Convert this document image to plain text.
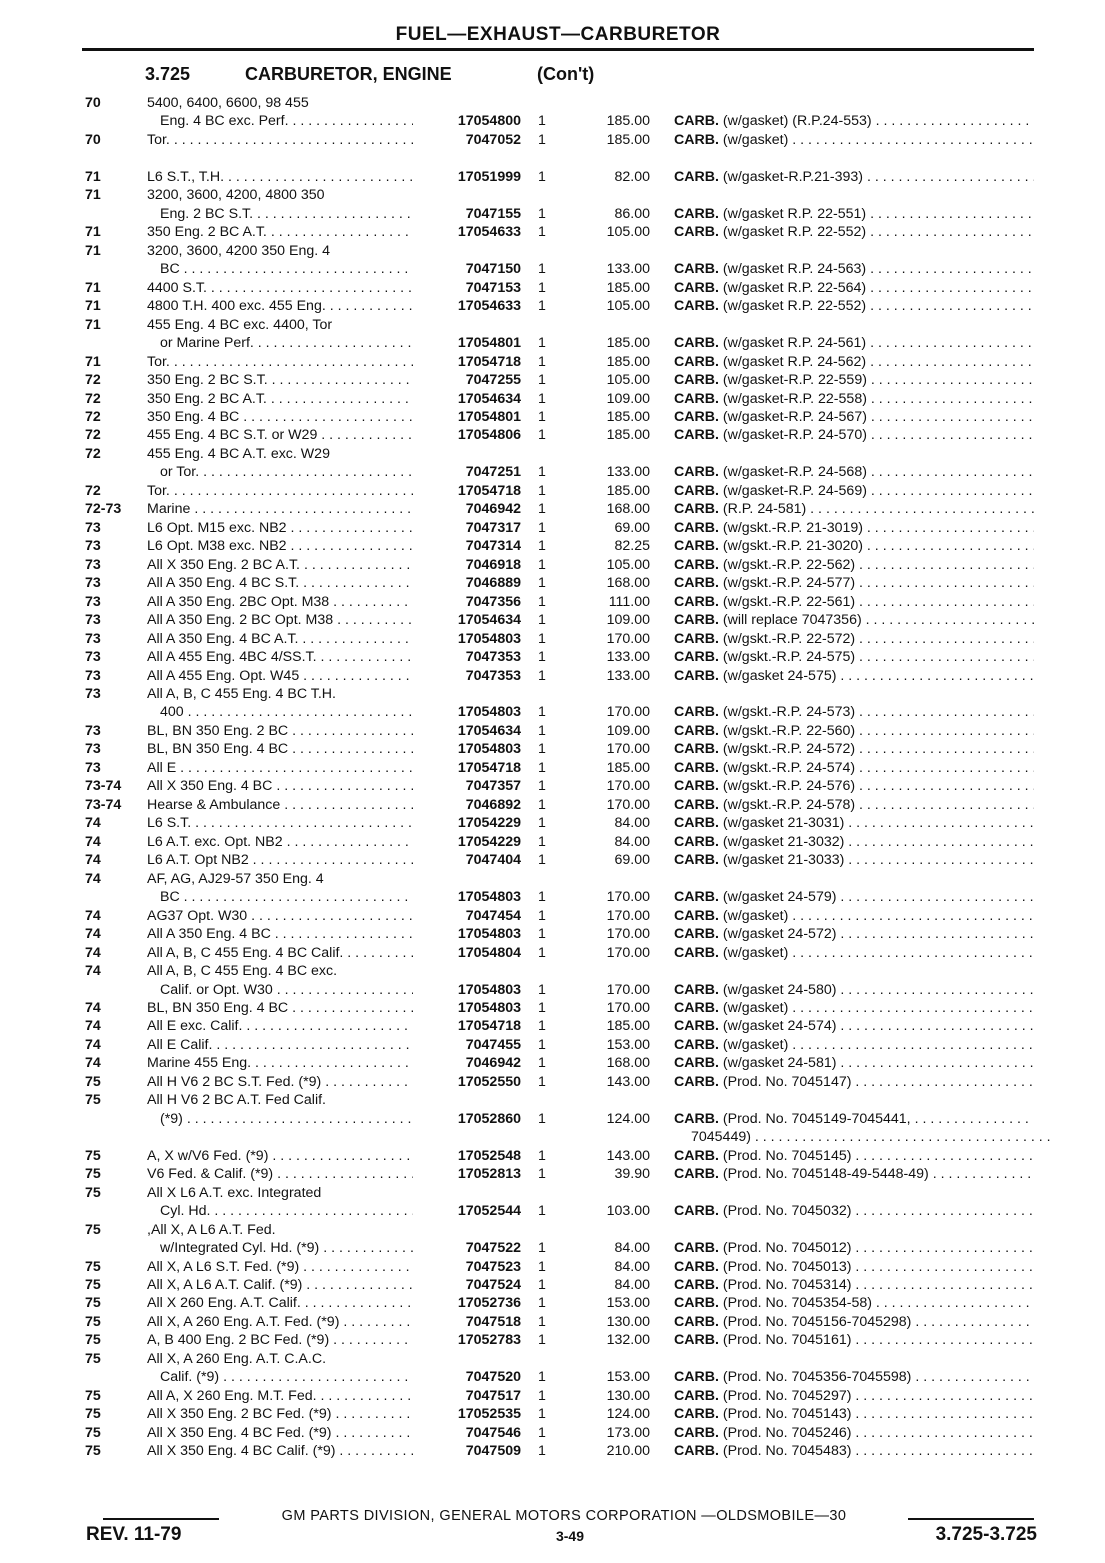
FUEL—EXHAUST—CARBURETOR
3.725	CARBURETOR, ENGINE	(Con't)
70	5400, 6400, 6600, 98 455
Eng. 4 BC exc. Perf. . . .	17054800 1	185.00 CARB. (w/gasket) (R.P.24-553) . . .
70	Tor. . . .	7047052 1	185.00 CARB. (w/gasket) . . .
71	L6 S.T., T.H. . . .	17051999 1	82.00 CARB. (w/gasket-R.P.21-393) . . .
71	3200, 3600, 4200, 4800 350
Eng. 2 BC S.T. . . .	7047155 1	86.00 CARB. (w/gasket R.P. 22-551) . . .
71	350 Eng. 2 BC A.T. . . .	17054633 1	105.00 CARB. (w/gasket R.P. 22-552) . . .
71	3200, 3600, 4200 350 Eng. 4
BC . . .	7047150 1	133.00 CARB. (w/gasket R.P. 24-563) . . .
71	4400 S.T. . . .	7047153 1	185.00 CARB. (w/gasket R.P. 22-564) . . .
71	4800 T.H. 400 exc. 455 Eng. . . .	17054633 1	105.00 CARB. (w/gasket R.P. 22-552) . . .
71	455 Eng. 4 BC exc. 4400, Tor
or Marine Perf. . . .	17054801 1	185.00 CARB. (w/gasket R.P. 24-561) . . .
71	Tor. . . .	17054718 1	185.00 CARB. (w/gasket R.P. 24-562) . . .
72	350 Eng. 2 BC S.T. . . .	7047255 1	105.00 CARB. (w/gasket-R.P. 22-559) . . .
72	350 Eng. 2 BC A.T. . . .	17054634 1	109.00 CARB. (w/gasket-R.P. 22-558) . . .
72	350 Eng. 4 BC . . .	17054801 1	185.00 CARB. (w/gasket-R.P. 24-567) . . .
72	455 Eng. 4 BC S.T. or W29 . . .	17054806 1	185.00 CARB. (w/gasket-R.P. 24-570) . . .
72	455 Eng. 4 BC A.T. exc. W29
or Tor. . . .	7047251 1	133.00 CARB. (w/gasket-R.P. 24-568) . . .
72	Tor. . . .	17054718 1	185.00 CARB. (w/gasket-R.P. 24-569) . . .
72-73	Marine . . .	7046942 1	168.00 CARB. (R.P. 24-581) . . .
73	L6 Opt. M15 exc. NB2 . . .	7047317 1	69.00 CARB. (w/gskt.-R.P. 21-3019) . . .
73	L6 Opt. M38 exc. NB2 . . .	7047314 1	82.25 CARB. (w/gskt.-R.P. 21-3020) . . .
73	All X 350 Eng. 2 BC A.T. . . .	7046918 1	105.00 CARB. (w/gskt.-R.P. 22-562) . . .
73	All A 350 Eng. 4 BC S.T. . . .	7046889 1	168.00 CARB. (w/gskt.-R.P. 24-577) . . .
73	All A 350 Eng. 2BC Opt. M38 . . .	7047356 1	111.00 CARB. (w/gskt.-R.P. 22-561) . . .
73	All A 350 Eng. 2 BC Opt. M38 . . .	17054634 1	109.00 CARB. (will replace 7047356) . . .
73	All A 350 Eng. 4 BC A.T. . . .	17054803 1	170.00 CARB. (w/gskt.-R.P. 22-572) . . .
73	All A 455 Eng. 4BC 4/SS.T. . . .	7047353 1	133.00 CARB. (w/gskt.-R.P. 24-575) . . .
73	All A 455 Eng. Opt. W45 . . .	7047353 1	133.00 CARB. (w/gasket 24-575) . . .
73	All A, B, C 455 Eng. 4 BC T.H.
400 . . .	17054803 1	170.00 CARB. (w/gskt.-R.P. 24-573) . . .
73	BL, BN 350 Eng. 2 BC . . .	17054634 1	109.00 CARB. (w/gskt.-R.P. 22-560) . . .
73	BL, BN 350 Eng. 4 BC . . .	17054803 1	170.00 CARB. (w/gskt.-R.P. 24-572) . . .
73	All E . . .	17054718 1	185.00 CARB. (w/gskt.-R.P. 24-574) . . .
73-74	All X 350 Eng. 4 BC . . .	7047357 1	170.00 CARB. (w/gskt.-R.P. 24-576) . . .
73-74	Hearse & Ambulance . . .	7046892 1	170.00 CARB. (w/gskt.-R.P. 24-578) . . .
74	L6 S.T. . . .	17054229 1	84.00 CARB. (w/gasket 21-3031) . . .
74	L6 A.T. exc. Opt. NB2 . . .	17054229 1	84.00 CARB. (w/gasket 21-3032) . . .
74	L6 A.T. Opt NB2 . . .	7047404 1	69.00 CARB. (w/gasket 21-3033) . . .
74	AF, AG, AJ29-57 350 Eng. 4
BC . . .	17054803 1	170.00 CARB. (w/gasket 24-579) . . .
74	AG37 Opt. W30 . . .	7047454 1	170.00 CARB. (w/gasket) . . .
74	All A 350 Eng. 4 BC . . .	17054803 1	170.00 CARB. (w/gasket 24-572) . . .
74	All A, B, C 455 Eng. 4 BC Calif. . . .	17054804 1	170.00 CARB. (w/gasket) . . .
74	All A, B, C 455 Eng. 4 BC exc.
Calif. or Opt. W30 . . .	17054803 1	170.00 CARB. (w/gasket 24-580) . . .
74	BL, BN 350 Eng. 4 BC . . .	17054803 1	170.00 CARB. (w/gasket) . . .
74	All E exc. Calif. . . .	17054718 1	185.00 CARB. (w/gasket 24-574) . . .
74	All E Calif. . . .	7047455 1	153.00 CARB. (w/gasket) . . .
74	Marine 455 Eng. . . .	7046942 1	168.00 CARB. (w/gasket 24-581) . . .
75	All H V6 2 BC S.T. Fed. (*9) . . .	17052550 1	143.00 CARB. (Prod. No. 7045147) . . .
75	All H V6 2 BC A.T. Fed Calif.
(*9) . . .	17052860 1	124.00 CARB. (Prod. No. 7045149-7045441, . . .
7045449) . . .
75	A, X w/V6 Fed. (*9) . . .	17052548 1	143.00 CARB. (Prod. No. 7045145) . . .
75	V6 Fed. & Calif. (*9) . . .	17052813 1	39.90 CARB. (Prod. No. 7045148-49-5448-49) . . .
75	All X L6 A.T. exc. Integrated
Cyl. Hd. . . .	17052544 1	103.00 CARB. (Prod. No. 7045032) . . .
75	,All X, A L6 A.T. Fed.
w/Integrated Cyl. Hd. (*9) . . .	7047522 1	84.00 CARB. (Prod. No. 7045012) . . .
75	All X, A L6 S.T. Fed. (*9) . . .	7047523 1	84.00 CARB. (Prod. No. 7045013) . . .
75	All X, A L6 A.T. Calif. (*9) . . .	7047524 1	84.00 CARB. (Prod. No. 7045314) . . .
75	All X 260 Eng. A.T. Calif. . . .	17052736 1	153.00 CARB. (Prod. No. 7045354-58) . . .
75	All X, A 260 Eng. A.T. Fed. (*9) . . .	7047518 1	130.00 CARB. (Prod. No. 7045156-7045298) . . .
75	A, B 400 Eng. 2 BC Fed. (*9) . . .	17052783 1	132.00 CARB. (Prod. No. 7045161) . . .
75	All X, A 260 Eng. A.T. C.A.C.
Calif. (*9) . . .	7047520 1	153.00 CARB. (Prod. No. 7045356-7045598) . . .
75	All A, X 260 Eng. M.T. Fed. . . .	7047517 1	130.00 CARB. (Prod. No. 7045297) . . .
75	All X 350 Eng. 2 BC Fed. (*9) . . .	17052535 1	124.00 CARB. (Prod. No. 7045143) . . .
75	All X 350 Eng. 4 BC Fed. (*9) . . .	7047546 1	173.00 CARB. (Prod. No. 7045246) . . .
75	All X 350 Eng. 4 BC Calif. (*9) . . .	7047509 1	210.00 CARB. (Prod. No. 7045483) . . .
GM PARTS DIVISION, GENERAL MOTORS CORPORATION —OLDSMOBILE—30
REV. 11-79	3-49	3.725-3.725
